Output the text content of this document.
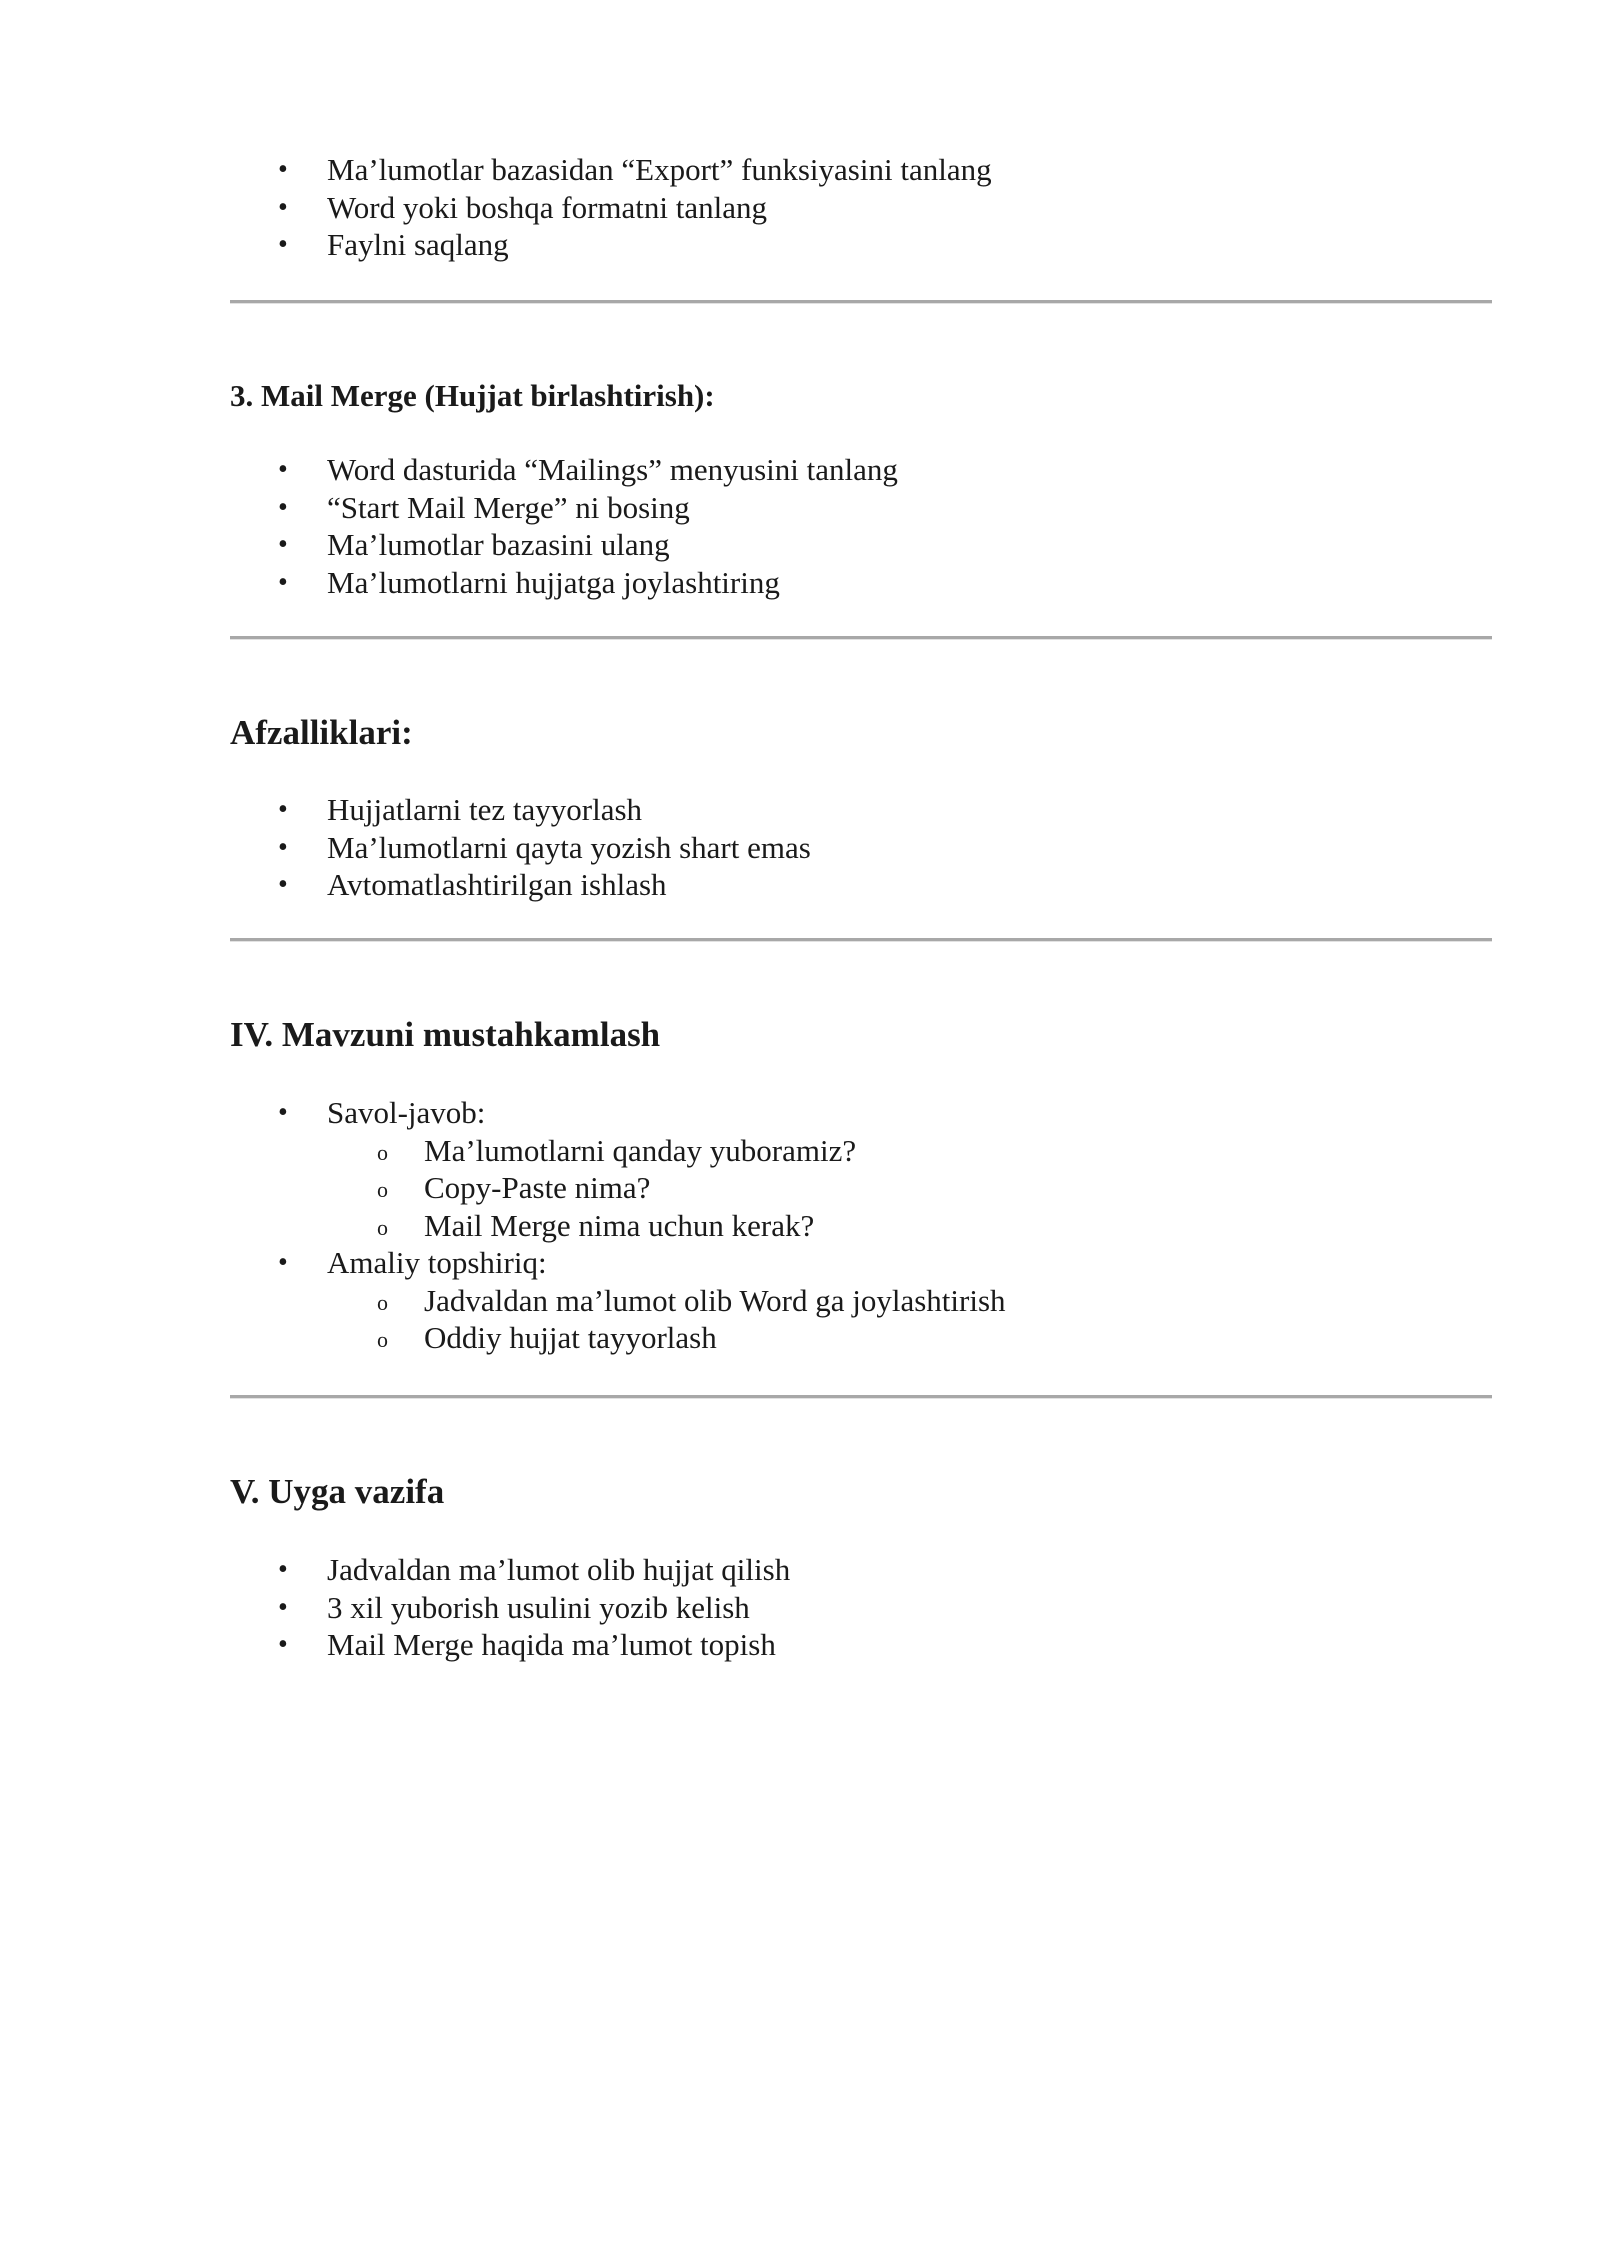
• Ma’lumotlar bazasidan “Export” funksiyasini tanlang
• Word yoki boshqa formatni tanlang
• Faylni saqlang
3. Mail Merge (Hujjat birlashtirish):
• Word dasturida “Mailings” menyusini tanlang
• “Start Mail Merge” ni bosing
• Ma’lumotlar bazasini ulang
• Ma’lumotlarni hujjatga joylashtiring
Afzalliklari:
• Hujjatlarni tez tayyorlash
• Ma’lumotlarni qayta yozish shart emas
• Avtomatlashtirilgan ishlash
IV. Mavzuni mustahkamlash
• Savol-javob:
o Ma’lumotlarni qanday yuboramiz?
o Copy-Paste nima?
o Mail Merge nima uchun kerak?
• Amaliy topshiriq:
o Jadvaldan ma’lumot olib Word ga joylashtirish
o Oddiy hujjat tayyorlash
V. Uyga vazifa
• Jadvaldan ma’lumot olib hujjat qilish
• 3 xil yuborish usulini yozib kelish
• Mail Merge haqida ma’lumot topish
